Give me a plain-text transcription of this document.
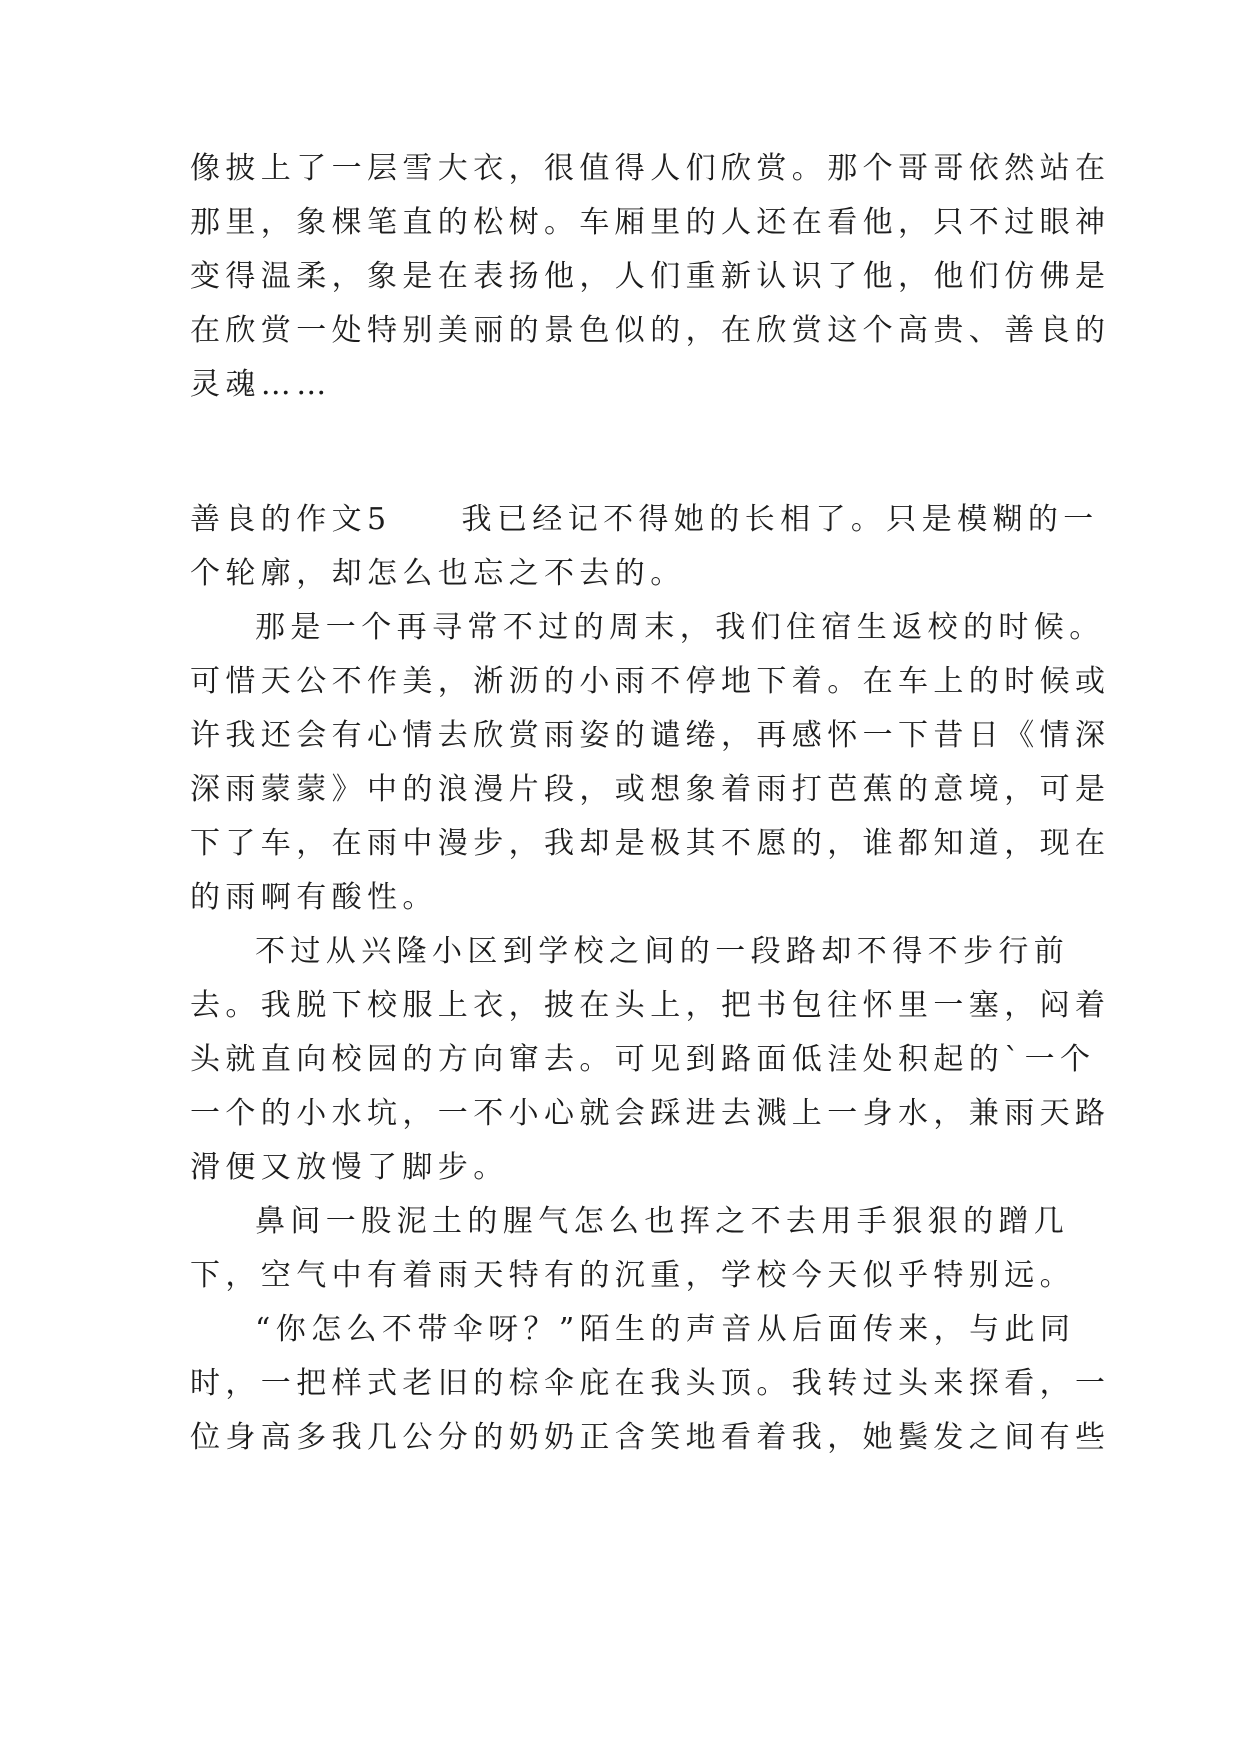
像披上了一层雪大衣，很值得人们欣赏。那个哥哥依然站在
那里，象棵笔直的松树。车厢里的人还在看他，只不过眼神
变得温柔，象是在表扬他，人们重新认识了他，他们仿佛是
在欣赏一处特别美丽的景色似的，在欣赏这个高贵、善良的
灵魂……
善良的作文5 我已经记不得她的长相了。只是模糊的一
个轮廓，却怎么也忘之不去的。
那是一个再寻常不过的周末，我们住宿生返校的时候。
可惜天公不作美，淅沥的小雨不停地下着。在车上的时候或
许我还会有心情去欣赏雨姿的谴绻，再感怀一下昔日《情深
深雨蒙蒙》中的浪漫片段，或想象着雨打芭蕉的意境，可是
下了车，在雨中漫步，我却是极其不愿的，谁都知道，现在
的雨啊有酸性。
不过从兴隆小区到学校之间的一段路却不得不步行前
去。我脱下校服上衣，披在头上，把书包往怀里一塞，闷着
头就直向校园的方向窜去。可见到路面低洼处积起的`一个
一个的小水坑，一不小心就会踩进去溅上一身水，兼雨天路
滑便又放慢了脚步。
鼻间一股泥土的腥气怎么也挥之不去用手狠狠的蹭几
下，空气中有着雨天特有的沉重，学校今天似乎特别远。
“你怎么不带伞呀？”陌生的声音从后面传来，与此同
时，一把样式老旧的棕伞庇在我头顶。我转过头来探看，一
位身高多我几公分的奶奶正含笑地看着我，她鬓发之间有些
